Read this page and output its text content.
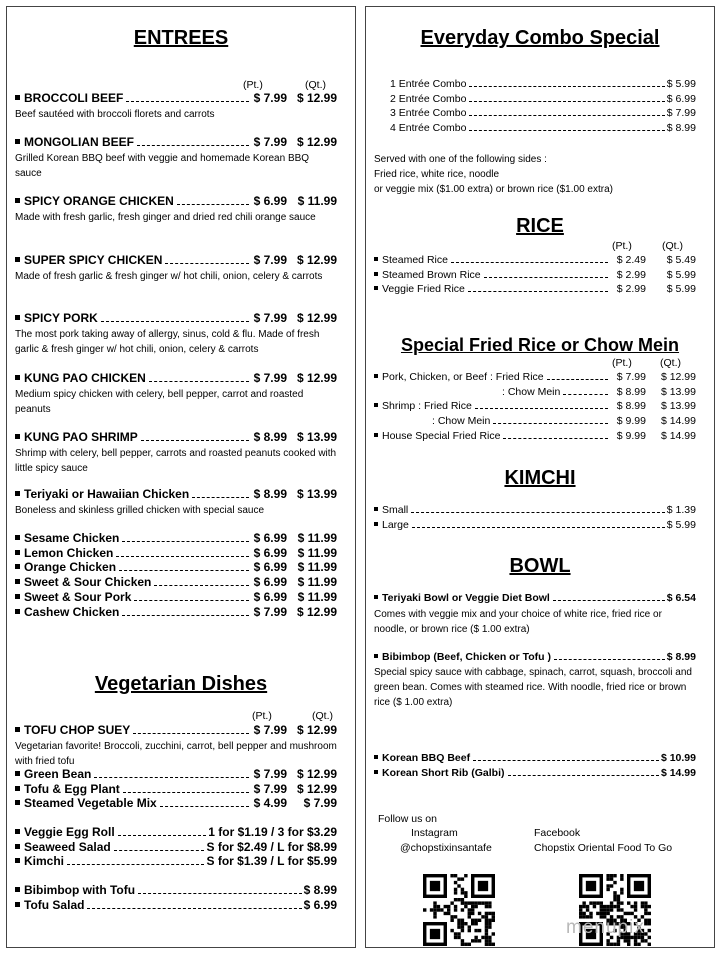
ENTREES
(Pt.)	(Qt.)
BROCCOLI BEEF	$ 7.99 $ 12.99
Beef sautéed with broccoli florets and carrots
MONGOLIAN BEEF	$ 7.99 $ 12.99
Grilled Korean BBQ beef with veggie and homemade Korean BBQ sauce
SPICY ORANGE CHICKEN	$ 6.99 $ 11.99
Made with fresh garlic, fresh ginger and dried red chili orange sauce
SUPER SPICY CHICKEN	$ 7.99 $ 12.99
Made of fresh garlic & fresh ginger w/ hot chili, onion, celery & carrots
SPICY PORK	$ 7.99 $ 12.99
The most pork taking away of allergy, sinus, cold & flu. Made of fresh garlic & fresh ginger w/ hot chili, onion, celery & carrots
KUNG PAO CHICKEN	$ 7.99 $ 12.99
Medium spicy chicken with celery, bell pepper, carrot and roasted peanuts
KUNG PAO SHRIMP	$ 8.99 $ 13.99
Shrimp with celery, bell pepper, carrots and roasted peanuts cooked with little spicy sauce
Teriyaki or Hawaiian Chicken	$ 8.99 $ 13.99
Boneless and skinless grilled chicken with special sauce
Sesame Chicken	$ 6.99 $ 11.99
Lemon Chicken	$ 6.99 $ 11.99
Orange Chicken	$ 6.99 $ 11.99
Sweet & Sour Chicken	$ 6.99 $ 11.99
Sweet & Sour Pork	$ 6.99 $ 11.99
Cashew Chicken	$ 7.99 $ 12.99
Vegetarian Dishes
(Pt.)	(Qt.)
TOFU CHOP SUEY	$ 7.99 $ 12.99
Vegetarian favorite! Broccoli, zucchini, carrot, bell pepper and mushroom with fried tofu
Green Bean	$ 7.99 $ 12.99
Tofu & Egg Plant	$ 7.99 $ 12.99
Steamed Vegetable Mix	$ 4.99	$ 7.99
Veggie Egg Roll	1 for $1.19 / 3 for $3.29
Seaweed Salad	S for $2.49 / L for $8.99
Kimchi	S for $1.39 / L for $5.99
Bibimbop with Tofu	$ 8.99
Tofu Salad	$ 6.99
Everyday Combo Special
1 Entrée Combo	$ 5.99
2 Entrée Combo	$ 6.99
3 Entrée Combo	$ 7.99
4 Entrée Combo	$ 8.99
Served with one of the following sides :
Fried rice, white rice, noodle
or veggie mix ($1.00 extra) or brown rice ($1.00 extra)
RICE
(Pt.)	(Qt.)
Steamed Rice	$ 2.49	$ 5.49
Steamed Brown Rice	$ 2.99	$ 5.99
Veggie Fried Rice	$ 2.99	$ 5.99
Special Fried Rice or Chow Mein
(Pt.)	(Qt.)
Pork, Chicken, or Beef : Fried Rice	$ 7.99	$ 12.99
: Chow Mein	$ 8.99	$ 13.99
Shrimp : Fried Rice	$ 8.99	$ 13.99
: Chow Mein	$ 9.99	$ 14.99
House Special Fried Rice	$ 9.99	$ 14.99
KIMCHI
Small	$ 1.39
Large	$ 5.99
BOWL
Teriyaki Bowl or Veggie Diet Bowl	$ 6.54
Comes with veggie mix and your choice of white rice, fried rice or noodle, or brown rice ($ 1.00 extra)
Bibimbop (Beef, Chicken or Tofu )	$ 8.99
Special spicy sauce with cabbage, spinach, carrot, squash, broccoli and green bean. Comes with steamed rice. With noodle, fried rice or brown rice ($ 1.00 extra)
Korean BBQ Beef	$ 10.99
Korean Short Rib (Galbi)	$ 14.99
Follow us on
Instagram
@chopstixinsantafe
Facebook
Chopstix Oriental Food To Go
menupix
